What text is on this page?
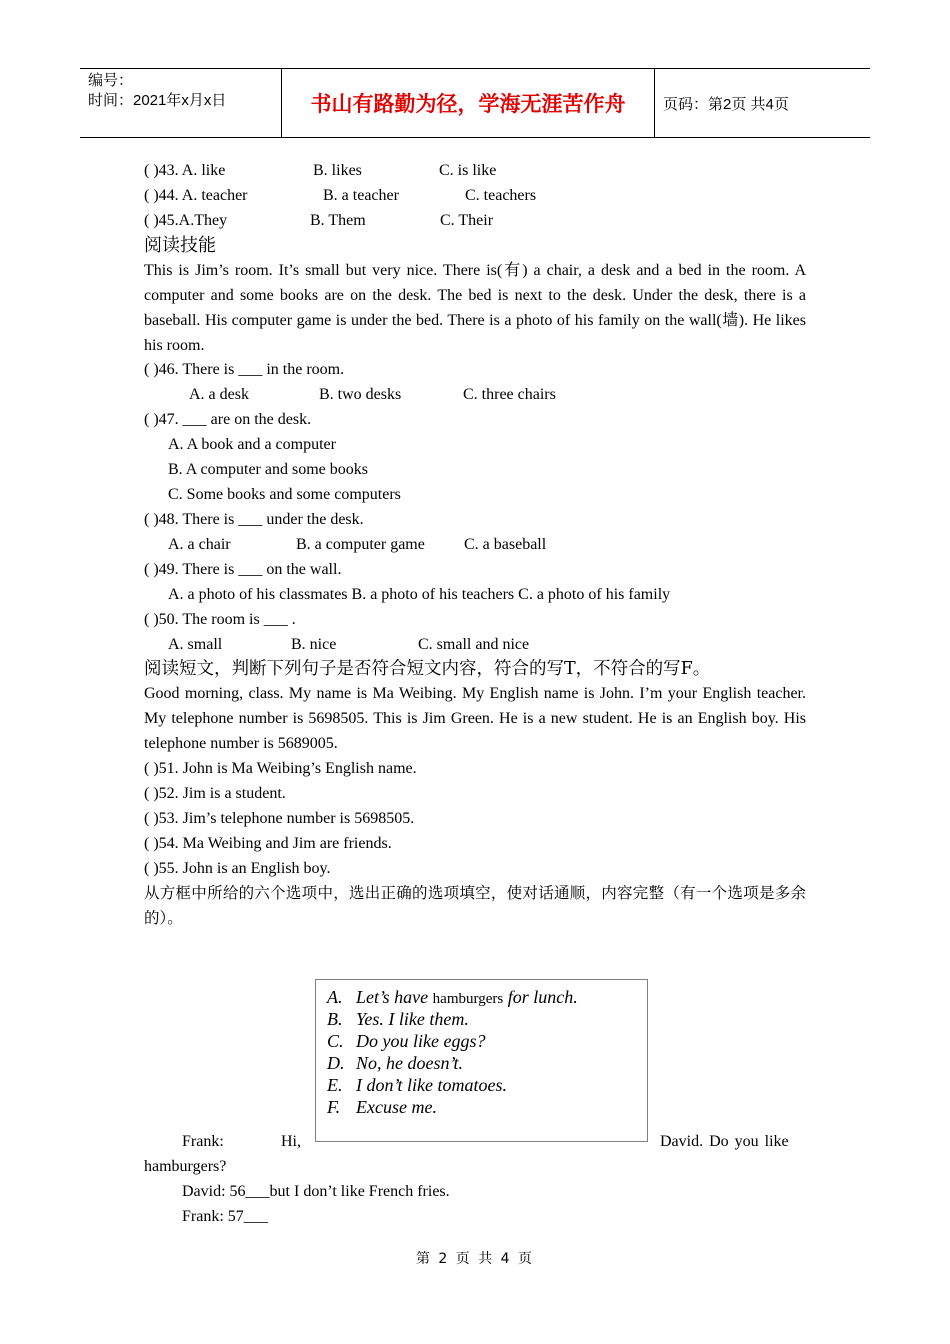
编号：
时间：2021年x月x日	书山有路勤为径，学海无涯苦作舟	页码：第2页 共4页
( )43. A. like	B. likes	C. is like
( )44. A. teacher	B. a teacher	C. teachers
( )45.A.They	B. Them	C. Their
阅读技能
This is Jim’s room. It’s small but very nice. There is(有) a chair, a desk and a bed in the room. A computer and some books are on the desk. The bed is next to the desk. Under the desk, there is a baseball. His computer game is under the bed. There is a photo of his family on the wall(墙). He likes his room.
( )46. There is ___ in the room.
A. a desk	B. two desks	C. three chairs
( )47. ___ are on the desk.
A. A book and a computer
B. A computer and some books
C. Some books and some computers
( )48. There is ___ under the desk.
A. a chair	B. a computer game C. a baseball
( )49. There is ___ on the wall.
A. a photo of his classmates B. a photo of his teachers C. a photo of his family
( )50. The room is ___ .
A. small	B. nice	C. small and nice
阅读短文，判断下列句子是否符合短文内容，符合的写T，不符合的写F。
Good morning, class. My name is Ma Weibing. My English name is John. I’m your English teacher. My telephone number is 5698505. This is Jim Green. He is a new student. He is an English boy. His telephone number is 5689005.
( )51. John is Ma Weibing’s English name.
( )52. Jim is a student.
( )53. Jim’s telephone number is 5698505.
( )54. Ma Weibing and Jim are friends.
( )55. John is an English boy.
从方框中所给的六个选项中，选出正确的选项填空，使对话通顺，内容完整（有一个选项是多余的）。
A. Let’s have hamburgers for lunch.
B. Yes. I like them.
C. Do you like eggs?
D. No, he doesn’t.
E. I don’t like tomatoes.
F. Excuse me.
Frank:	Hi,	David. Do you like
hamburgers?
David: 56___but I don’t like French fries.
Frank: 57___
第 2 页 共 4 页
